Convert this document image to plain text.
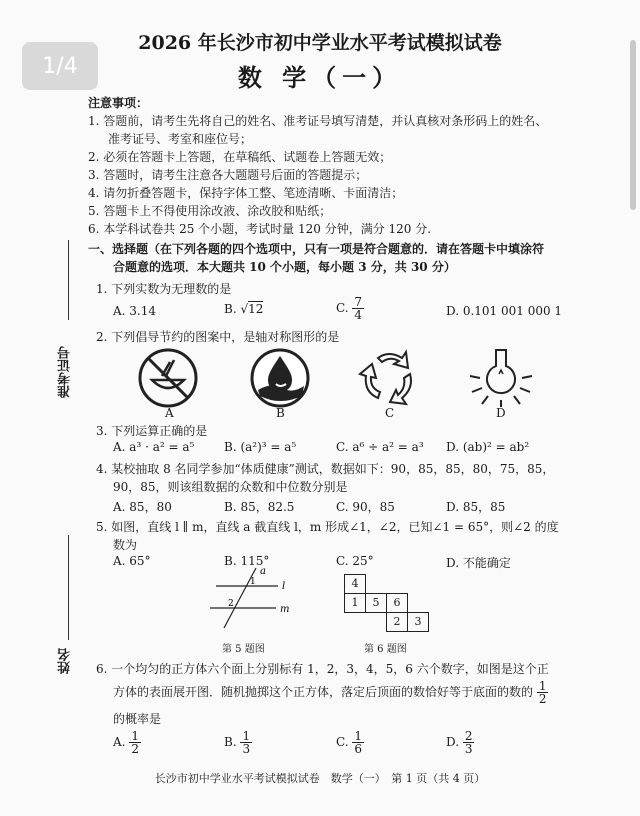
1/4
2026 年长沙市初中学业水平考试模拟试卷
数 学（一）
注意事项：
1. 答题前，请考生先将自己的姓名、准考证号填写清楚，并认真核对条形码上的姓名、
准考证号、考室和座位号；
2. 必须在答题卡上答题，在草稿纸、试题卷上答题无效；
3. 答题时，请考生注意各大题题号后面的答题提示；
4. 请勿折叠答题卡，保持字体工整、笔迹清晰、卡面清洁；
5. 答题卡上不得使用涂改液、涂改胶和贴纸；
6. 本学科试卷共 25 个小题，考试时量 120 分钟，满分 120 分.
准考证号
姓名
一、选择题（在下列各题的四个选项中，只有一项是符合题意的．请在答题卡中填涂符
合题意的选项．本大题共 10 个小题，每小题 3 分，共 30 分）
1. 下列实数为无理数的是
A. 3.14	B. √12	C. $\frac{7}{4}$	D. 0.101 001 000 1
2. 下列倡导节约的图案中，是轴对称图形的是
A	B	C	D
3. 下列运算正确的是
A. a³ · a² = a⁵ B. (a²)³ = a⁵	C. a⁶ ÷ a² = a³ D. (ab)² = ab²
4. 某校抽取 8 名同学参加“体质健康”测试，数据如下：90，85，85，80，75，85，
90，85，则该组数据的众数和中位数分别是
A. 85，80	B. 85，82.5	C. 90，85	D. 85，85
5. 如图，直线 l ∥ m，直线 a 截直线 l，m 形成∠1，∠2，已知∠1 = 65°，则∠2 的度
数为
A. 65°	B. 115°	C. 25°	D. 不能确定
a
l
m
1
2
第 5 题图
4
1	5	6
2	3
第 6 题图
6. 一个均匀的正方体六个面上分别标有 1，2，3，4，5，6 六个数字，如图是这个正
方体的表面展开图．随机抛掷这个正方体，落定后顶面的数恰好等于底面的数的 $\frac{1}{2}$
的概率是
A. $\frac{1}{2}$	B. $\frac{1}{3}$	C. $\frac{1}{6}$	D. $\frac{2}{3}$
长沙市初中学业水平考试模拟试卷　数学（一）　第 1 页（共 4 页）
